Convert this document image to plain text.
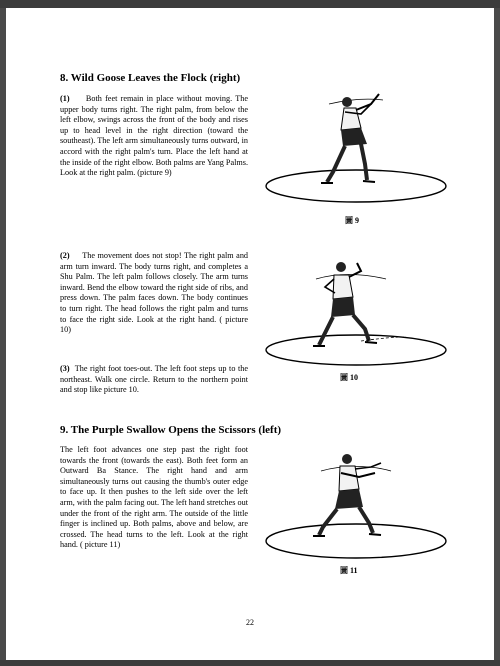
8. Wild Goose Leaves the Flock (right)

(1) Both feet remain in place without moving. The upper body turns right. The right palm, from below the left elbow, swings across the front of the body and rises up to head level in the right direction (toward the southeast). The left arm simultaneously turns outward, in accord with the right palm's turn. Place the left hand at the inside of the right elbow. Both palms are Yang Palms. Look at the right palm. (picture 9)

(2) The movement does not stop! The right palm and arm turn inward. The body turns right, and completes a Shu Palm. The left palm follows closely. The arm turns inward. Bend the elbow toward the right side of ribs, and press down. The palm faces down. The body continues to turn right. The head follows the right palm and turns to face the right side. Look at the right hand. ( picture 10)

(3) The right foot toes-out. The left foot steps up to the northeast. Walk one circle. Return to the northern point and stop like picture 10.

9. The Purple Swallow Opens the Scissors (left)

The left foot advances one step past the right foot towards the front (towards the east). Both feet form an Outward Ba Stance. The right hand and arm simultaneously turns out causing the thumb's outer edge to face up. It then pushes to the left side over the left arm, with the palm facing out. The left hand stretches out under the front of the right arm. The outside of the little finger is inclined up. Both palms, above and below, are crossed. The head turns to the left. Look at the right hand. ( picture 11)

圖 9
圖 10
圖 11
22
